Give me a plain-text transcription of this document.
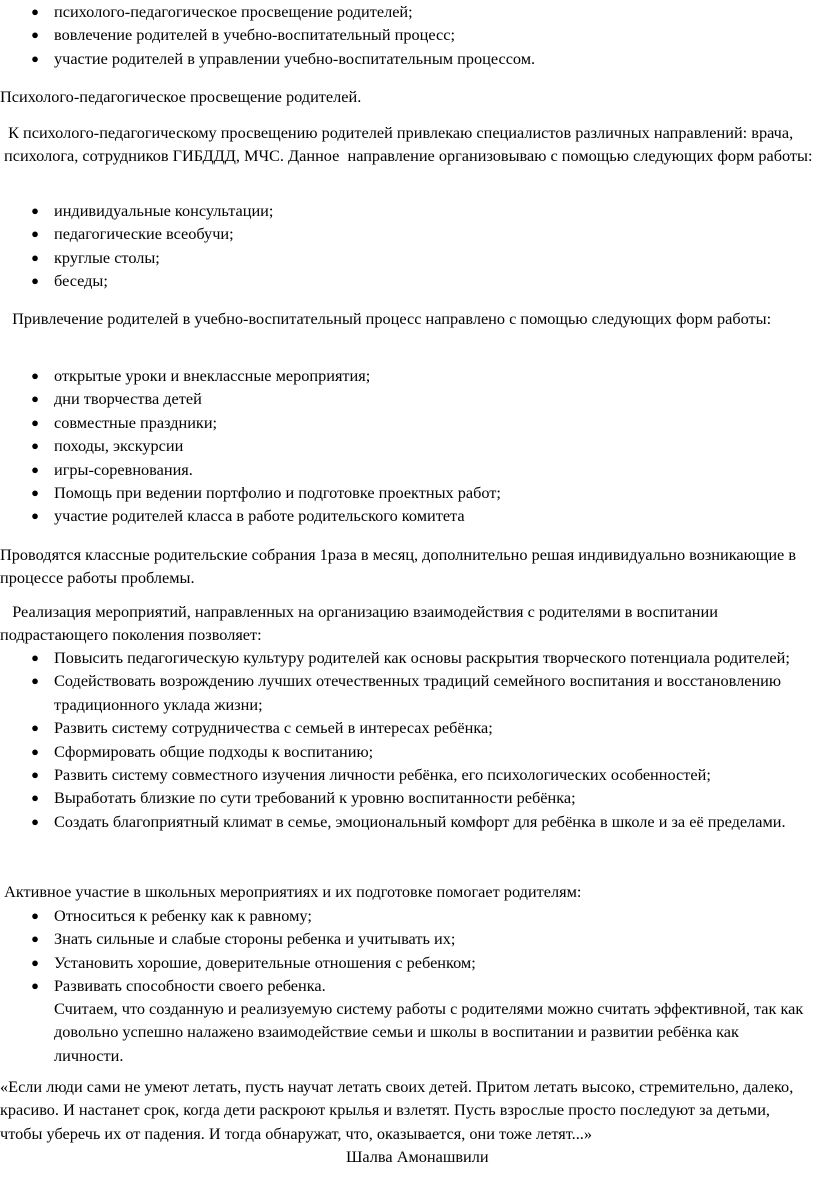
● психолого-педагогическое просвещение родителей;
● вовлечение родителей в учебно-воспитательный процесс;
● участие родителей в управлении учебно-воспитательным процессом.

Психолого-педагогическое просвещение родителей.

К психолого-педагогическому просвещению родителей привлекаю специалистов различных направлений: врача, психолога, сотрудников ГИБДДД, МЧС. Данное  направление организовываю с помощью следующих форм работы:

● индивидуальные консультации;
● педагогические всеобучи;
● круглые столы;
● беседы;

Привлечение родителей в учебно-воспитательный процесс направлено с помощью следующих форм работы:

● открытые уроки и внеклассные мероприятия;
● дни творчества детей
● совместные праздники;
● походы, экскурсии
● игры-соревнования.
● Помощь при ведении портфолио и подготовке проектных работ;
● участие родителей класса в работе родительского комитета

Проводятся классные родительские собрания 1раза в месяц, дополнительно решая индивидуально возникающие в процессе работы проблемы.

Реализация мероприятий, направленных на организацию взаимодействия с родителями в воспитании подрастающего поколения позволяет:

● Повысить педагогическую культуру родителей как основы раскрытия творческого потенциала родителей;
● Содействовать возрождению лучших отечественных традиций семейного воспитания и восстановлению традиционного уклада жизни;
● Развить систему сотрудничества с семьей в интересах ребёнка;
● Сформировать общие подходы к воспитанию;
● Развить систему совместного изучения личности ребёнка, его психологических особенностей;
● Выработать близкие по сути требований к уровню воспитанности ребёнка;
● Создать благоприятный климат в семье, эмоциональный комфорт для ребёнка в школе и за её пределами.

Активное участие в школьных мероприятиях и их подготовке помогает родителям:

● Относиться к ребенку как к равному;
● Знать сильные и слабые стороны ребенка и учитывать их;
● Установить хорошие, доверительные отношения с ребенком;
● Развивать способности своего ребенка.

Считаем, что созданную и реализуемую систему работы с родителями можно считать эффективной, так как довольно успешно налажено взаимодействие семьи и школы в воспитании и развитии ребёнка как личности.

«Если люди сами не умеют летать, пусть научат летать своих детей. Притом летать высоко, стремительно, далеко, красиво. И настанет срок, когда дети раскроют крылья и взлетят. Пусть взрослые просто последуют за детьми, чтобы уберечь их от падения. И тогда обнаружат, что, оказывается, они тоже летят...»

Шалва Амонашвили
